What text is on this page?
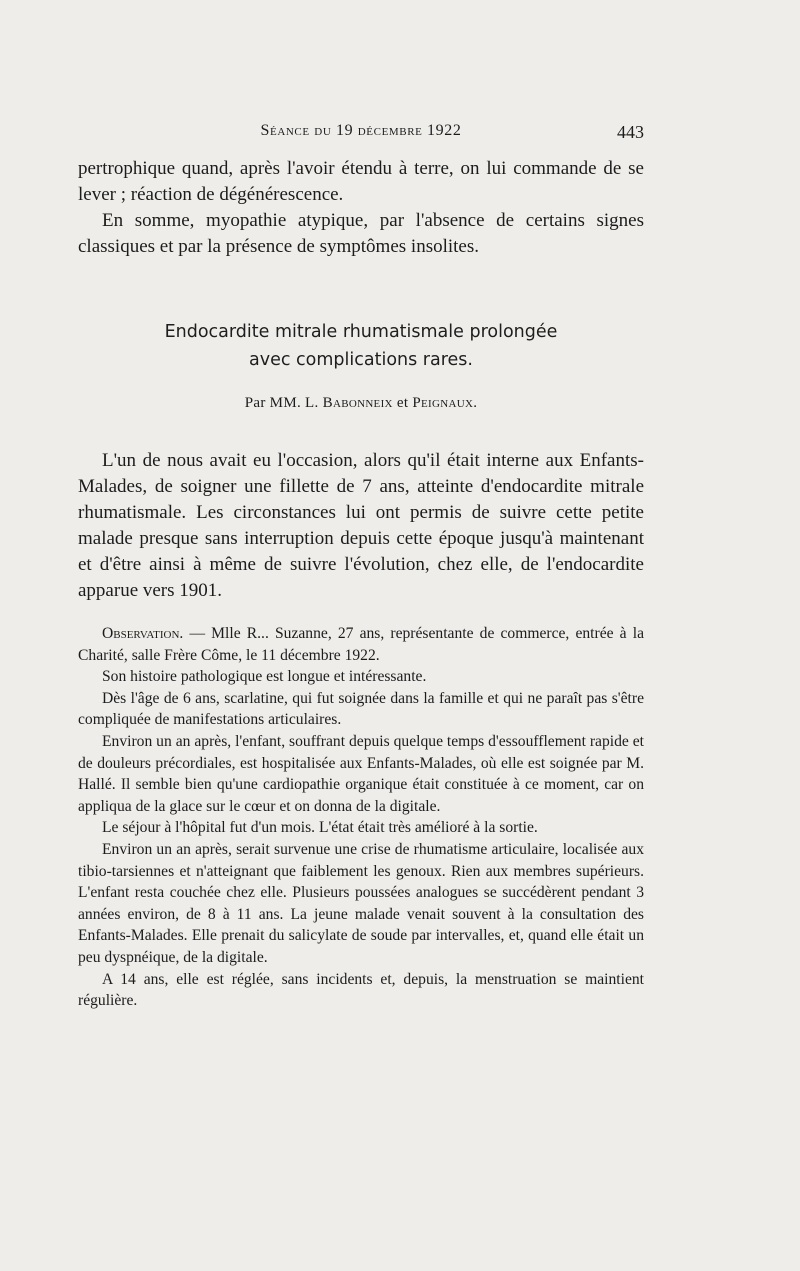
Séance du 19 décembre 1922	443

pertrophique quand, après l'avoir étendu à terre, on lui commande de se lever ; réaction de dégénérescence.

En somme, myopathie atypique, par l'absence de certains signes classiques et par la présence de symptômes insolites.

Endocardite mitrale rhumatismale prolongée
avec complications rares.
Par MM. L. Babonneix et Peignaux.

L'un de nous avait eu l'occasion, alors qu'il était interne aux Enfants-Malades, de soigner une fillette de 7 ans, atteinte d'endocardite mitrale rhumatismale. Les circonstances lui ont permis de suivre cette petite malade presque sans interruption depuis cette époque jusqu'à maintenant et d'être ainsi à même de suivre l'évolution, chez elle, de l'endocardite apparue vers 1901.

Observation. — Mlle R... Suzanne, 27 ans, représentante de commerce, entrée à la Charité, salle Frère Côme, le 11 décembre 1922.

Son histoire pathologique est longue et intéressante.

Dès l'âge de 6 ans, scarlatine, qui fut soignée dans la famille et qui ne paraît pas s'être compliquée de manifestations articulaires.

Environ un an après, l'enfant, souffrant depuis quelque temps d'essoufflement rapide et de douleurs précordiales, est hospitalisée aux Enfants-Malades, où elle est soignée par M. Hallé. Il semble bien qu'une cardiopathie organique était constituée à ce moment, car on appliqua de la glace sur le cœur et on donna de la digitale.

Le séjour à l'hôpital fut d'un mois. L'état était très amélioré à la sortie.

Environ un an après, serait survenue une crise de rhumatisme articulaire, localisée aux tibio-tarsiennes et n'atteignant que faiblement les genoux. Rien aux membres supérieurs. L'enfant resta couchée chez elle. Plusieurs poussées analogues se succédèrent pendant 3 années environ, de 8 à 11 ans. La jeune malade venait souvent à la consultation des Enfants-Malades. Elle prenait du salicylate de soude par intervalles, et, quand elle était un peu dyspnéique, de la digitale.

A 14 ans, elle est réglée, sans incidents et, depuis, la menstruation se maintient régulière.
